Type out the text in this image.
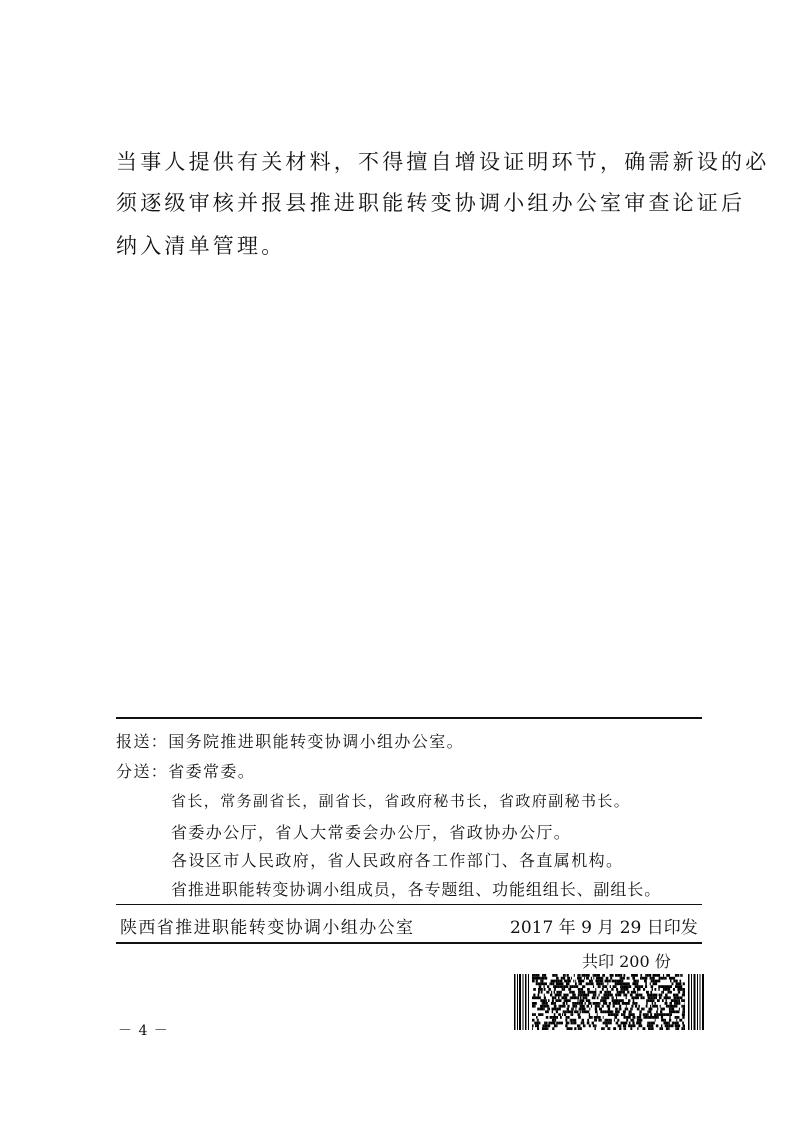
当事人提供有关材料，不得擅自增设证明环节，确需新设的必
须逐级审核并报县推进职能转变协调小组办公室审查论证后
纳入清单管理。
报送：国务院推进职能转变协调小组办公室。
分送：省委常委。
省长，常务副省长，副省长，省政府秘书长，省政府副秘书长。
省委办公厅，省人大常委会办公厅，省政协办公厅。
各设区市人民政府，省人民政府各工作部门、各直属机构。
省推进职能转变协调小组成员，各专题组、功能组组长、副组长。
陕西省推进职能转变协调小组办公室	2017 年 9 月 29 日印发
共印 200 份
－ 4 －
